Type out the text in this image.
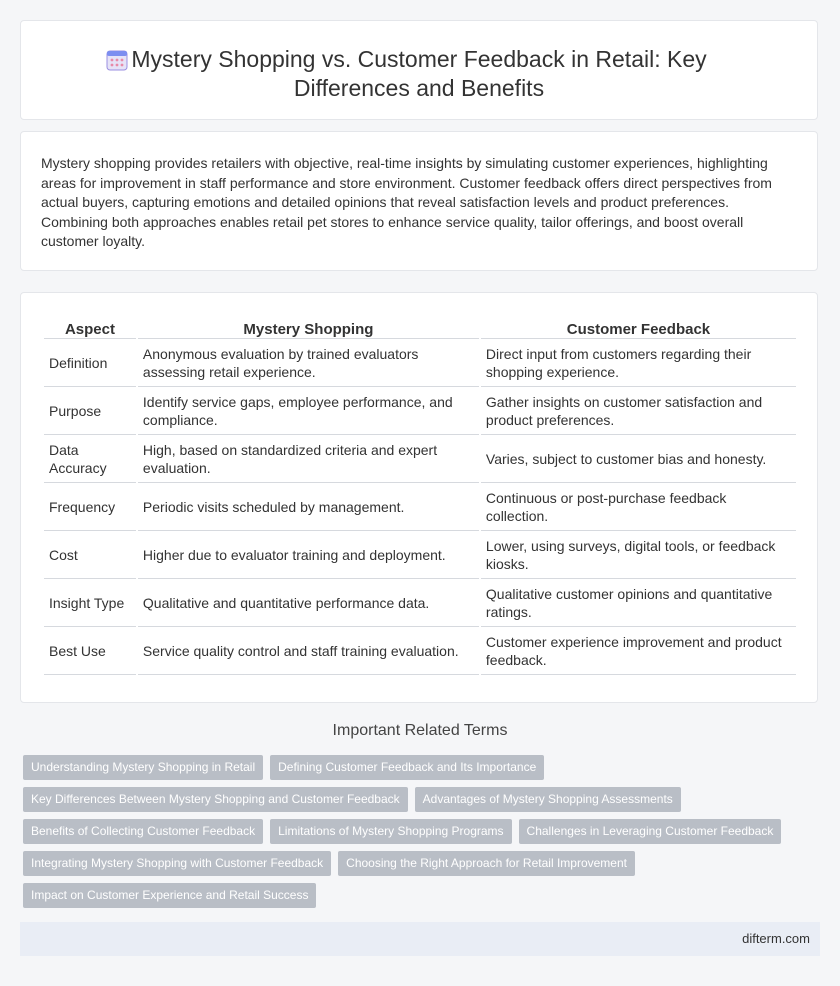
Mystery Shopping vs. Customer Feedback in Retail: Key Differences and Benefits

Mystery shopping provides retailers with objective, real-time insights by simulating customer experiences, highlighting areas for improvement in staff performance and store environment. Customer feedback offers direct perspectives from actual buyers, capturing emotions and detailed opinions that reveal satisfaction levels and product preferences. Combining both approaches enables retail pet stores to enhance service quality, tailor offerings, and boost overall customer loyalty.

Aspect	Mystery Shopping	Customer Feedback
Definition	Anonymous evaluation by trained evaluators assessing retail experience.	Direct input from customers regarding their shopping experience.
Purpose	Identify service gaps, employee performance, and compliance.	Gather insights on customer satisfaction and product preferences.
Data Accuracy	High, based on standardized criteria and expert evaluation.	Varies, subject to customer bias and honesty.
Frequency	Periodic visits scheduled by management.	Continuous or post-purchase feedback collection.
Cost	Higher due to evaluator training and deployment.	Lower, using surveys, digital tools, or feedback kiosks.
Insight Type	Qualitative and quantitative performance data.	Qualitative customer opinions and quantitative ratings.
Best Use	Service quality control and staff training evaluation.	Customer experience improvement and product feedback.
Important Related Terms
Understanding Mystery Shopping in Retail	Defining Customer Feedback and Its Importance
Key Differences Between Mystery Shopping and Customer Feedback	Advantages of Mystery Shopping Assessments
Benefits of Collecting Customer Feedback	Limitations of Mystery Shopping Programs	Challenges in Leveraging Customer Feedback
Integrating Mystery Shopping with Customer Feedback	Choosing the Right Approach for Retail Improvement
Impact on Customer Experience and Retail Success
difterm.com
